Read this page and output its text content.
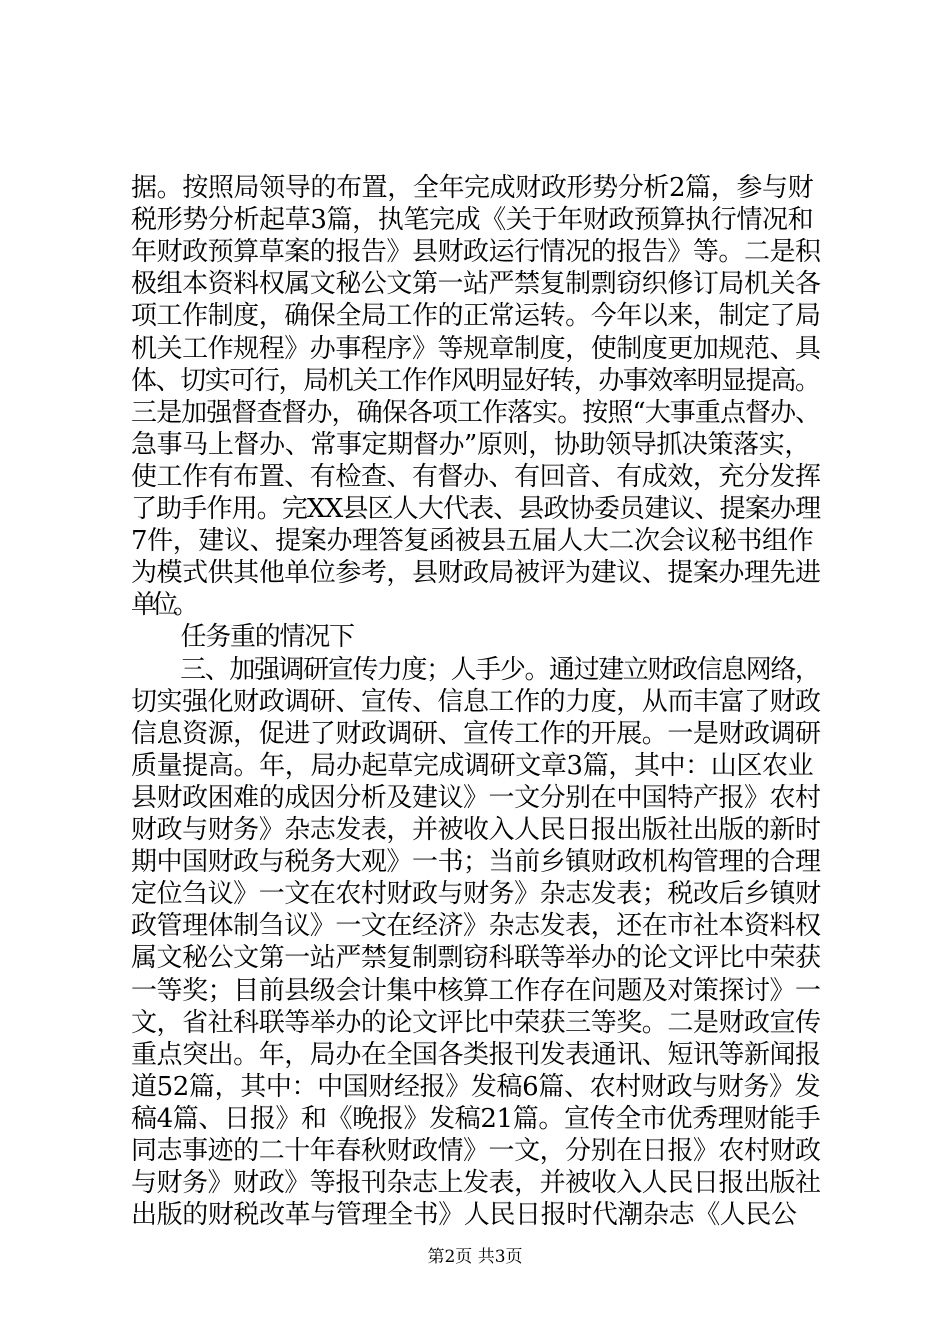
据。按照局领导的布置，全年完成财政形势分析2篇，参与财
税形势分析起草3篇，执笔完成《关于年财政预算执行情况和
年财政预算草案的报告》县财政运行情况的报告》等。二是积
极组本资料权属文秘公文第一站严禁复制剽窃织修订局机关各
项工作制度，确保全局工作的正常运转。今年以来，制定了局
机关工作规程》办事程序》等规章制度，使制度更加规范、具
体、切实可行，局机关工作作风明显好转，办事效率明显提高。
三是加强督查督办，确保各项工作落实。按照“大事重点督办、
急事马上督办、常事定期督办”原则，协助领导抓决策落实，
使工作有布置、有检查、有督办、有回音、有成效，充分发挥
了助手作用。完XX县区人大代表、县政协委员建议、提案办理
7件，建议、提案办理答复函被县五届人大二次会议秘书组作
为模式供其他单位参考，县财政局被评为建议、提案办理先进
单位。
　　任务重的情况下
　　三、加强调研宣传力度；人手少。通过建立财政信息网络，
切实强化财政调研、宣传、信息工作的力度，从而丰富了财政
信息资源，促进了财政调研、宣传工作的开展。一是财政调研
质量提高。年，局办起草完成调研文章3篇，其中：山区农业
县财政困难的成因分析及建议》一文分别在中国特产报》农村
财政与财务》杂志发表，并被收入人民日报出版社出版的新时
期中国财政与税务大观》一书；当前乡镇财政机构管理的合理
定位刍议》一文在农村财政与财务》杂志发表；税改后乡镇财
政管理体制刍议》一文在经济》杂志发表，还在市社本资料权
属文秘公文第一站严禁复制剽窃科联等举办的论文评比中荣获
一等奖；目前县级会计集中核算工作存在问题及对策探讨》一
文，省社科联等举办的论文评比中荣获三等奖。二是财政宣传
重点突出。年，局办在全国各类报刊发表通讯、短讯等新闻报
道52篇，其中：中国财经报》发稿6篇、农村财政与财务》发
稿4篇、日报》和《晚报》发稿21篇。宣传全市优秀理财能手
同志事迹的二十年春秋财政情》一文，分别在日报》农村财政
与财务》财政》等报刊杂志上发表，并被收入人民日报出版社
出版的财税改革与管理全书》人民日报时代潮杂志《人民公
第2页 共3页
